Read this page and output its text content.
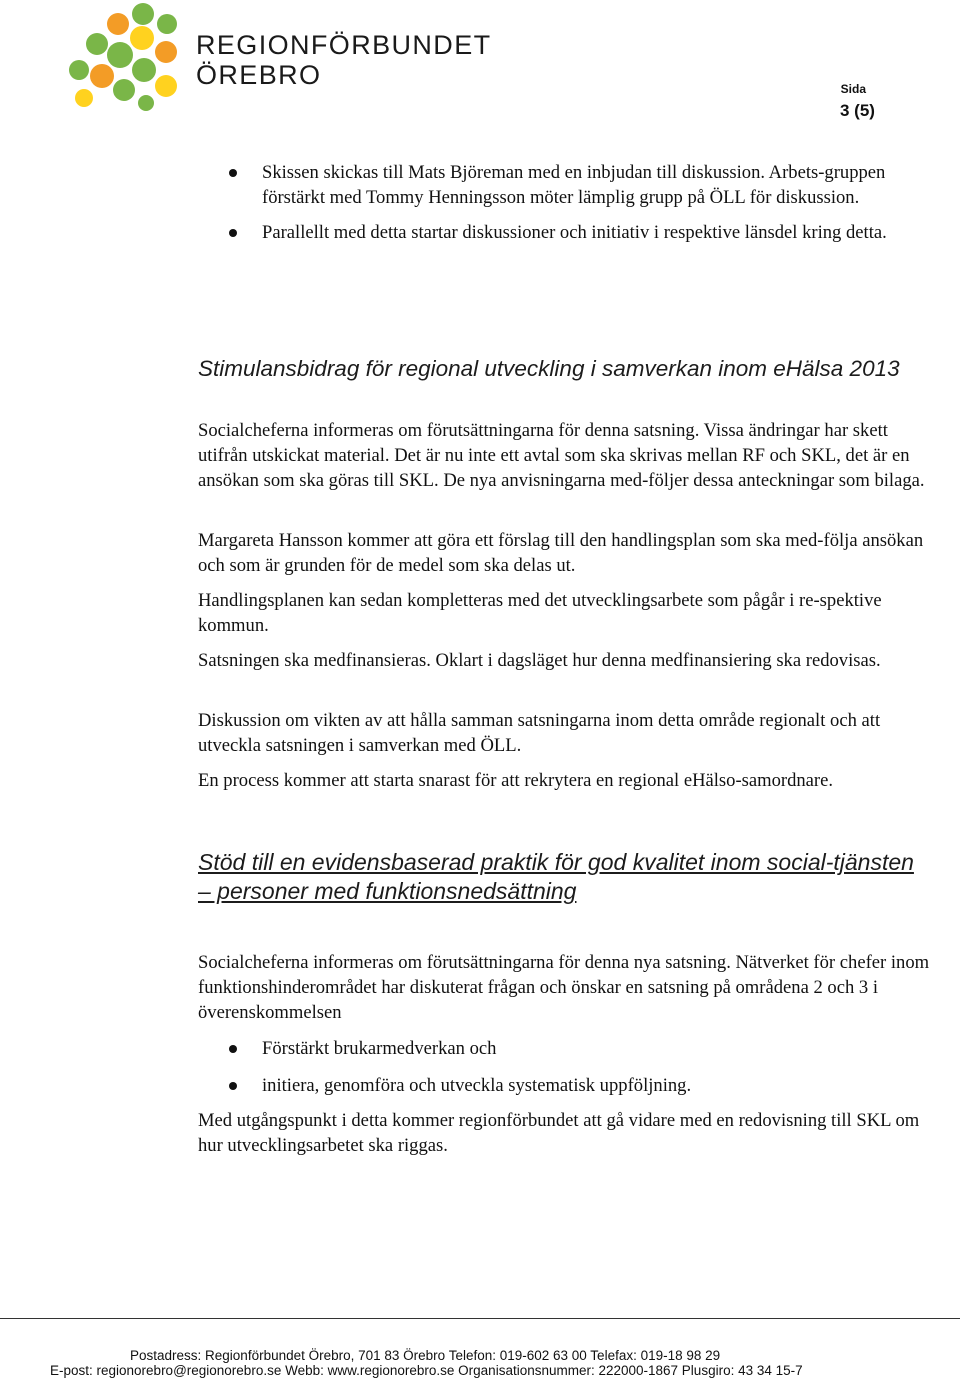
REGIONFÖRBUNDET
ÖREBRO	Sida
3 (5)
Skissen skickas till Mats Björeman med en inbjudan till diskussion. Arbets-gruppen förstärkt med Tommy Henningsson möter lämplig grupp på ÖLL för diskussion.
Parallellt med detta startar diskussioner och initiativ i respektive länsdel kring detta.
Stimulansbidrag för regional utveckling i samverkan inom eHälsa 2013

Socialcheferna informeras om förutsättningarna för denna satsning. Vissa ändringar har skett utifrån utskickat material. Det är nu inte ett avtal som ska skrivas mellan RF och SKL, det är en ansökan som ska göras till SKL. De nya anvisningarna med-följer dessa anteckningar som bilaga.

Margareta Hansson kommer att göra ett förslag till den handlingsplan som ska med-följa ansökan och som är grunden för de medel som ska delas ut.

Handlingsplanen kan sedan kompletteras med det utvecklingsarbete som pågår i re-spektive kommun.

Satsningen ska medfinansieras. Oklart i dagsläget hur denna medfinansiering ska redovisas.

Diskussion om vikten av att hålla samman satsningarna inom detta område regionalt och att utveckla satsningen i samverkan med ÖLL.

En process kommer att starta snarast för att rekrytera en regional eHälso-samordnare.

Stöd till en evidensbaserad praktik för god kvalitet inom social-tjänsten – personer med funktionsnedsättning

Socialcheferna informeras om förutsättningarna för denna nya satsning. Nätverket för chefer inom funktionshinderområdet har diskuterat frågan och önskar en satsning på områdena 2 och 3 i överenskommelsen

Förstärkt brukarmedverkan och
initiera, genomföra och utveckla systematisk uppföljning.

Med utgångspunkt i detta kommer regionförbundet att gå vidare med en redovisning till SKL om hur utvecklingsarbetet ska riggas.

Postadress: Regionförbundet Örebro, 701 83 Örebro Telefon: 019-602 63 00 Telefax: 019-18 98 29
E-post: regionorebro@regionorebro.se Webb: www.regionorebro.se Organisationsnummer: 222000-1867 Plusgiro: 43 34 15-7
